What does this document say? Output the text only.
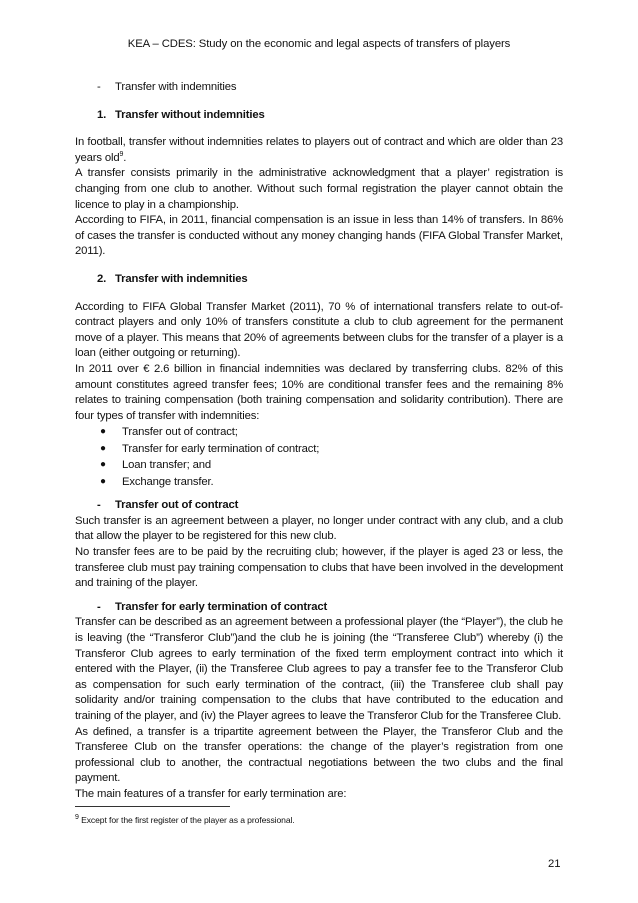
KEA – CDES: Study on the economic and legal aspects of transfers of players
-	Transfer with indemnities
1. Transfer without indemnities

In football, transfer without indemnities relates to players out of contract and which are older than 23 years old$^9$.

A transfer consists primarily in the administrative acknowledgment that a player’ registration is changing from one club to another. Without such formal registration the player cannot obtain the licence to play in a championship.

According to FIFA, in 2011, financial compensation is an issue in less than 14% of transfers. In 86% of cases the transfer is conducted without any money changing hands (FIFA Global Transfer Market, 2011).

2. Transfer with indemnities

According to FIFA Global Transfer Market (2011), 70 % of international transfers relate to out-of-contract players and only 10% of transfers constitute a club to club agreement for the permanent move of a player. This means that 20% of agreements between clubs for the transfer of a player is a loan (either outgoing or returning).

In 2011 over € 2.6 billion in financial indemnities was declared by transferring clubs. 82% of this amount constitutes agreed transfer fees; 10% are conditional transfer fees and the remaining 8% relates to training compensation (both training compensation and solidarity contribution). There are four types of transfer with indemnities:

●	Transfer out of contract;
●	Transfer for early termination of contract;
●	Loan transfer; and
●	Exchange transfer.
-	Transfer out of contract

Such transfer is an agreement between a player, no longer under contract with any club, and a club that allow the player to be registered for this new club.

No transfer fees are to be paid by the recruiting club; however, if the player is aged 23 or less, the transferee club must pay training compensation to clubs that have been involved in the development and training of the player.

-	Transfer for early termination of contract

Transfer can be described as an agreement between a professional player (the “Player”), the club he is leaving (the “Transferor Club”)and the club he is joining (the “Transferee Club”) whereby (i) the Transferor Club agrees to early termination of the fixed term employment contract into which it entered with the Player, (ii) the Transferee Club agrees to pay a transfer fee to the Transferor Club as compensation for such early termination of the contract, (iii) the Transferee club shall pay solidarity and/or training compensation to the clubs that have contributed to the education and training of the player, and (iv) the Player agrees to leave the Transferor Club for the Transferee Club.

As defined, a transfer is a tripartite agreement between the Player, the Transferor Club and the Transferee Club on the transfer operations: the change of the player’s registration from one professional club to another, the contractual negotiations between the two clubs and the final payment.

The main features of a transfer for early termination are:

$^9$ Except for the first register of the player as a professional.
21
